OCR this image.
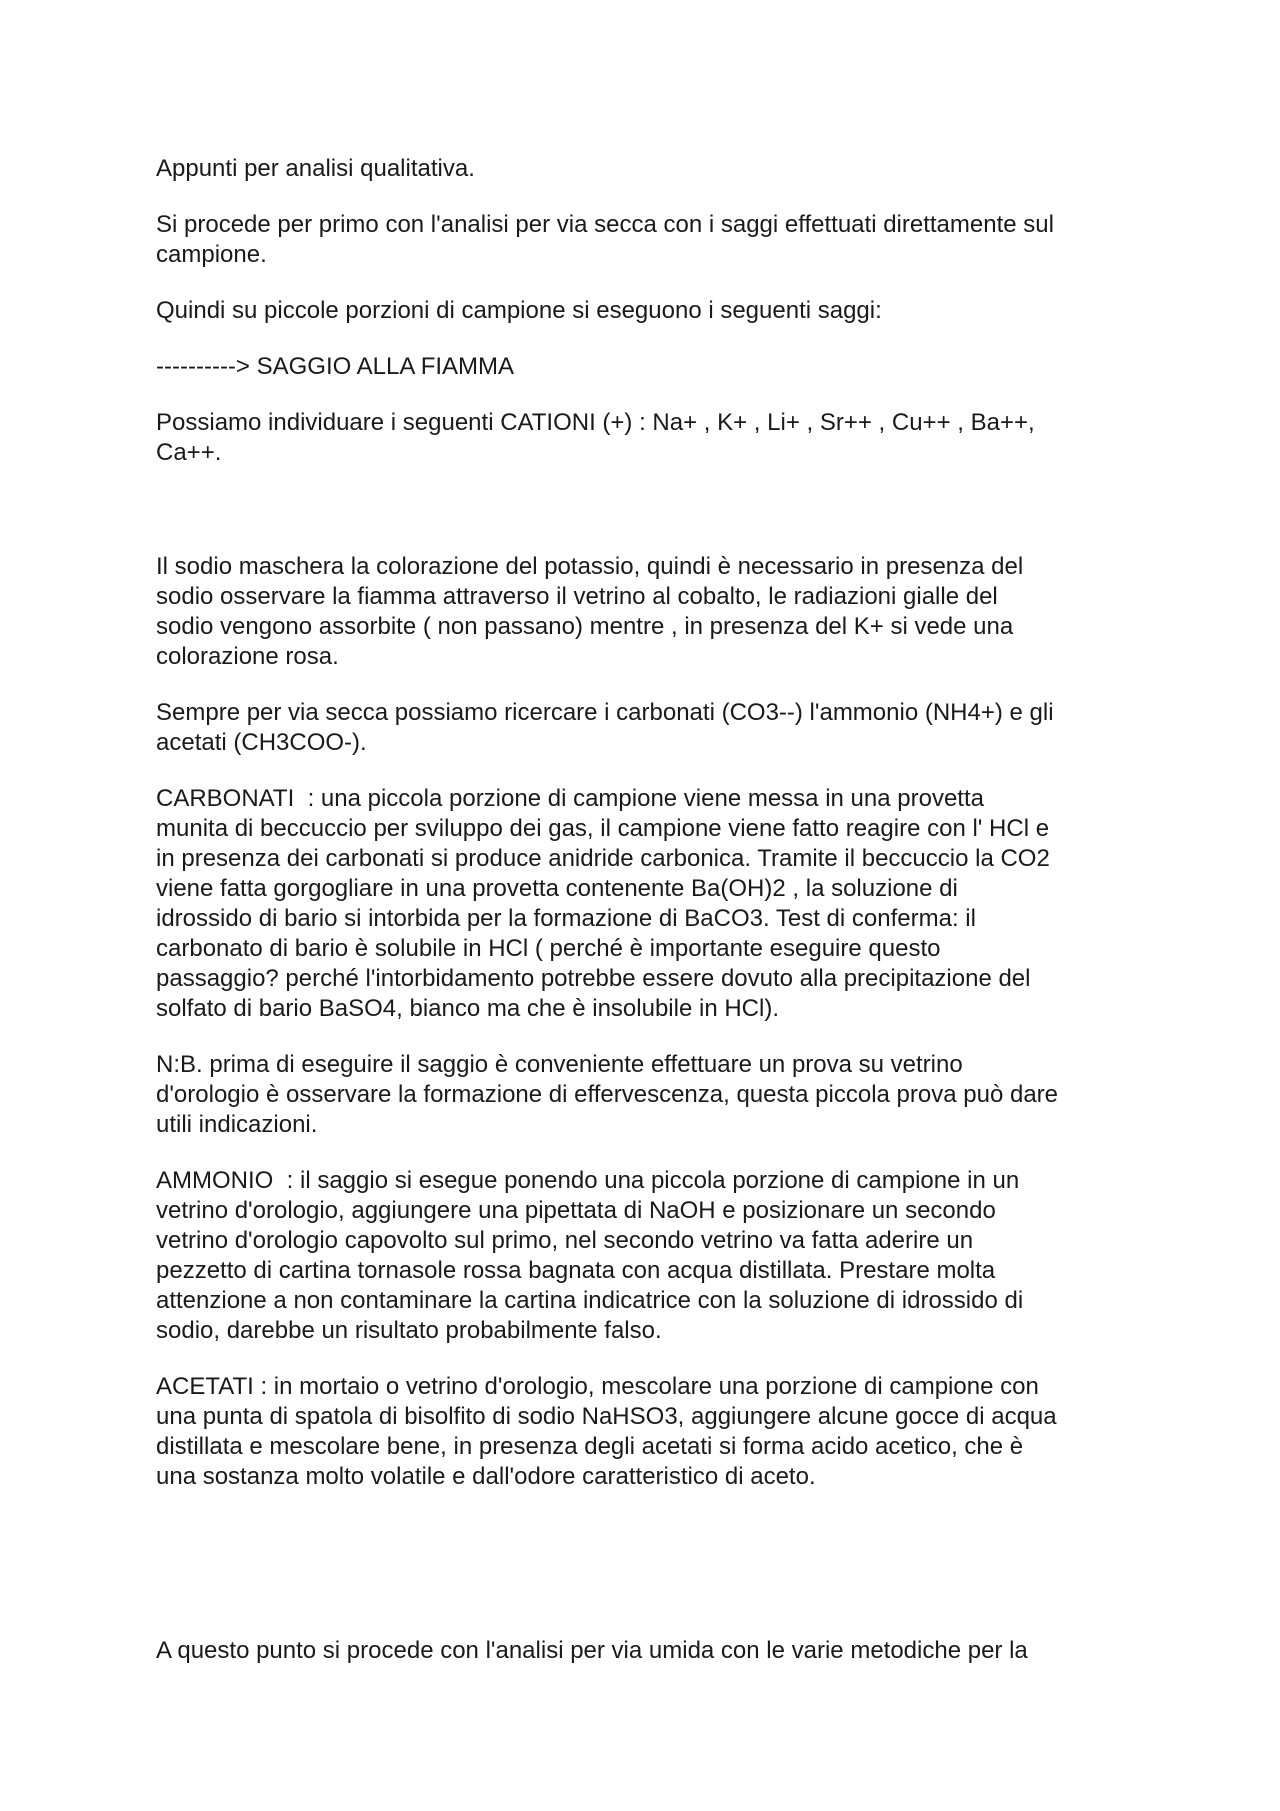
Appunti per analisi qualitativa.

Si procede per primo con l'analisi per via secca con i saggi effettuati direttamente sul
campione.

Quindi su piccole porzioni di campione si eseguono i seguenti saggi:

----------> SAGGIO ALLA FIAMMA

Possiamo individuare i seguenti CATIONI (+) : Na+ , K+ , Li+ , Sr++ , Cu++ , Ba++,
Ca++.

Il sodio maschera la colorazione del potassio, quindi è necessario in presenza del
sodio osservare la fiamma attraverso il vetrino al cobalto, le radiazioni gialle del
sodio vengono assorbite ( non passano) mentre , in presenza del K+ si vede una
colorazione rosa.

Sempre per via secca possiamo ricercare i carbonati (CO3--) l'ammonio (NH4+) e gli
acetati (CH3COO-).

CARBONATI  : una piccola porzione di campione viene messa in una provetta
munita di beccuccio per sviluppo dei gas, il campione viene fatto reagire con l' HCl e
in presenza dei carbonati si produce anidride carbonica. Tramite il beccuccio la CO2
viene fatta gorgogliare in una provetta contenente Ba(OH)2 , la soluzione di
idrossido di bario si intorbida per la formazione di BaCO3. Test di conferma: il
carbonato di bario è solubile in HCl ( perché è importante eseguire questo
passaggio? perché l'intorbidamento potrebbe essere dovuto alla precipitazione del
solfato di bario BaSO4, bianco ma che è insolubile in HCl).

N:B. prima di eseguire il saggio è conveniente effettuare un prova su vetrino
d'orologio è osservare la formazione di effervescenza, questa piccola prova può dare
utili indicazioni.

AMMONIO  : il saggio si esegue ponendo una piccola porzione di campione in un
vetrino d'orologio, aggiungere una pipettata di NaOH e posizionare un secondo
vetrino d'orologio capovolto sul primo, nel secondo vetrino va fatta aderire un
pezzetto di cartina tornasole rossa bagnata con acqua distillata. Prestare molta
attenzione a non contaminare la cartina indicatrice con la soluzione di idrossido di
sodio, darebbe un risultato probabilmente falso.

ACETATI : in mortaio o vetrino d'orologio, mescolare una porzione di campione con
una punta di spatola di bisolfito di sodio NaHSO3, aggiungere alcune gocce di acqua
distillata e mescolare bene, in presenza degli acetati si forma acido acetico, che è
una sostanza molto volatile e dall'odore caratteristico di aceto.

A questo punto si procede con l'analisi per via umida con le varie metodiche per la
